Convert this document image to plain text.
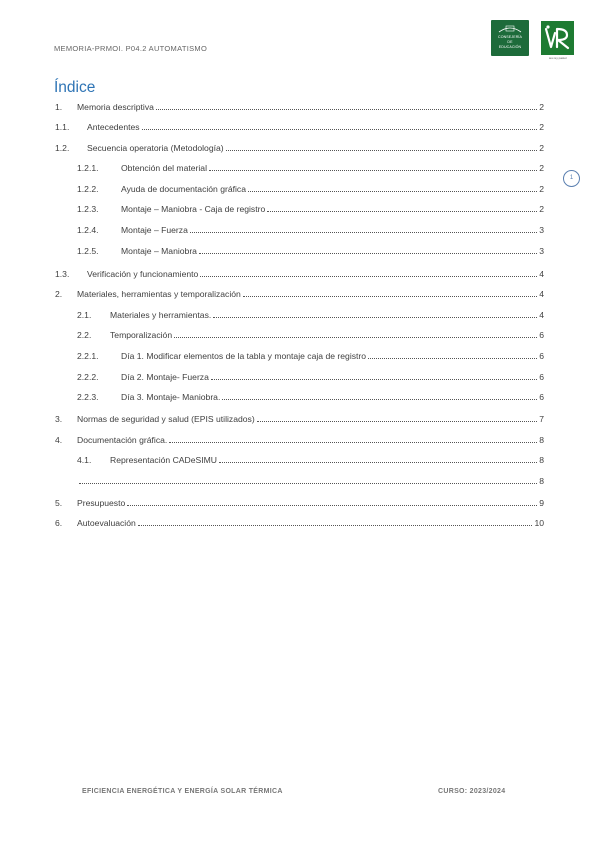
MEMORIA-PRMOI. P04.2 AUTOMATISMO
CONSEJERÍA
DE
EDUCACIÓN
ies rey pastor
1
Índice
1.	Memoria descriptiva	2
1.1.	Antecedentes	2
1.2.	Secuencia operatoria (Metodología)	2
1.2.1.	Obtención del material	2
1.2.2.	Ayuda de documentación gráfica	2
1.2.3.	Montaje – Maniobra - Caja de registro	2
1.2.4.	Montaje – Fuerza	3
1.2.5.	Montaje – Maniobra	3
1.3.	Verificación y funcionamiento	4
2.	Materiales, herramientas y temporalización	4
2.1.	Materiales y herramientas.	4
2.2.	Temporalización	6
2.2.1.	Día 1. Modificar elementos de la tabla y montaje caja de registro	6
2.2.2.	Día 2. Montaje- Fuerza	6
2.2.3.	Día 3. Montaje- Maniobra.	6
3.	Normas de seguridad y salud (EPIS utilizados)	7
4.	Documentación gráfica.	8
4.1.	Representación CADeSIMU	8
8
5.	Presupuesto	9
6.	Autoevaluación	10
EFICIENCIA ENERGÉTICA Y ENERGÍA SOLAR TÉRMICA	CURSO: 2023/2024
